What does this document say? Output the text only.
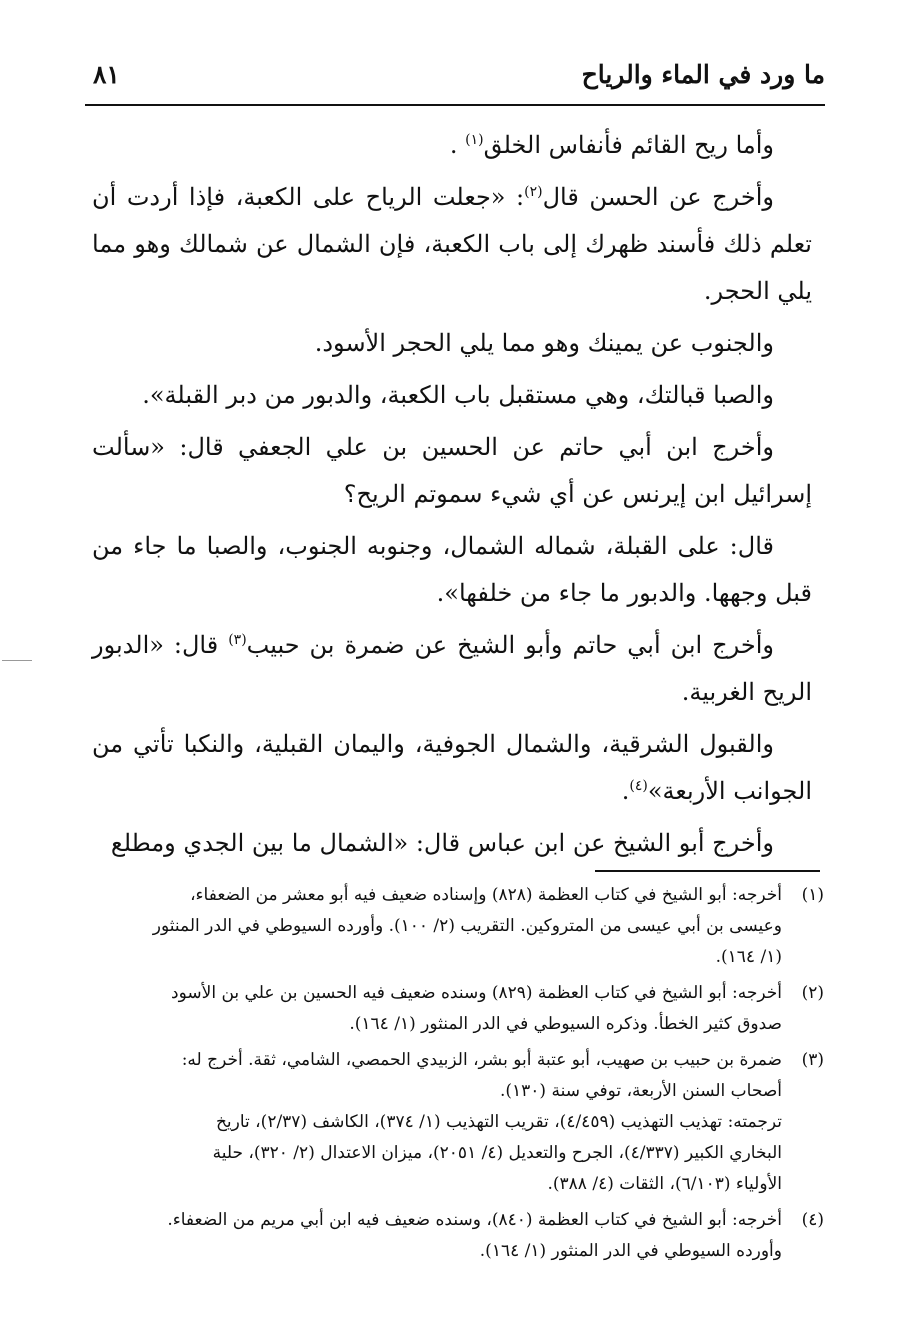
ما ورد في الماء والرياح
٨١

وأما ريح القائم فأنفاس الخلق$^{(١)}$ .

وأخرج عن الحسن قال$^{(٢)}$: «جعلت الرياح على الكعبة، فإذا أردت أن تعلم ذلك فأسند ظهرك إلى باب الكعبة، فإن الشمال عن شمالك وهو مما يلي الحجر.

والجنوب عن يمينك وهو مما يلي الحجر الأسود.

والصبا قبالتك، وهي مستقبل باب الكعبة، والدبور من دبر القبلة».

وأخرج ابن أبي حاتم عن الحسين بن علي الجعفي قال: «سألت إسرائيل ابن إيرنس عن أي شيء سموتم الريح؟

قال: على القبلة، شماله الشمال، وجنوبه الجنوب، والصبا ما جاء من قبل وجهها. والدبور ما جاء من خلفها».

وأخرج ابن أبي حاتم وأبو الشيخ عن ضمرة بن حبيب$^{(٣)}$ قال: «الدبور الريح الغربية.

والقبول الشرقية، والشمال الجوفية، واليمان القبلية، والنكبا تأتي من الجوانب الأربعة»$^{(٤)}$.

وأخرج أبو الشيخ عن ابن عباس قال: «الشمال ما بين الجدي ومطلع

(١)
أخرجه: أبو الشيخ في كتاب العظمة (٨٢٨) وإسناده ضعيف فيه أبو معشر من الضعفاء،
وعيسى بن أبي عيسى من المتروكين. التقريب (٢/ ١٠٠). وأورده السيوطي في الدر المنثور
(١/ ١٦٤).
(٢)
أخرجه: أبو الشيخ في كتاب العظمة (٨٢٩) وسنده ضعيف فيه الحسين بن علي بن الأسود
صدوق كثير الخطأ. وذكره السيوطي في الدر المنثور (١/ ١٦٤).
(٣)
ضمرة بن حبيب بن صهيب، أبو عتبة أبو بشر، الزبيدي الحمصي، الشامي، ثقة. أخرج له:
أصحاب السنن الأربعة، توفي سنة (١٣٠).
ترجمته: تهذيب التهذيب (٤/٤٥٩)، تقريب التهذيب (١/ ٣٧٤)، الكاشف (٢/٣٧)، تاريخ
البخاري الكبير (٤/٣٣٧)، الجرح والتعديل (٤/ ٢٠٥١)، ميزان الاعتدال (٢/ ٣٢٠)، حلية
الأولياء (٦/١٠٣)، الثقات (٤/ ٣٨٨).
(٤)
أخرجه: أبو الشيخ في كتاب العظمة (٨٤٠)، وسنده ضعيف فيه ابن أبي مريم من الضعفاء.
وأورده السيوطي في الدر المنثور (١/ ١٦٤).
